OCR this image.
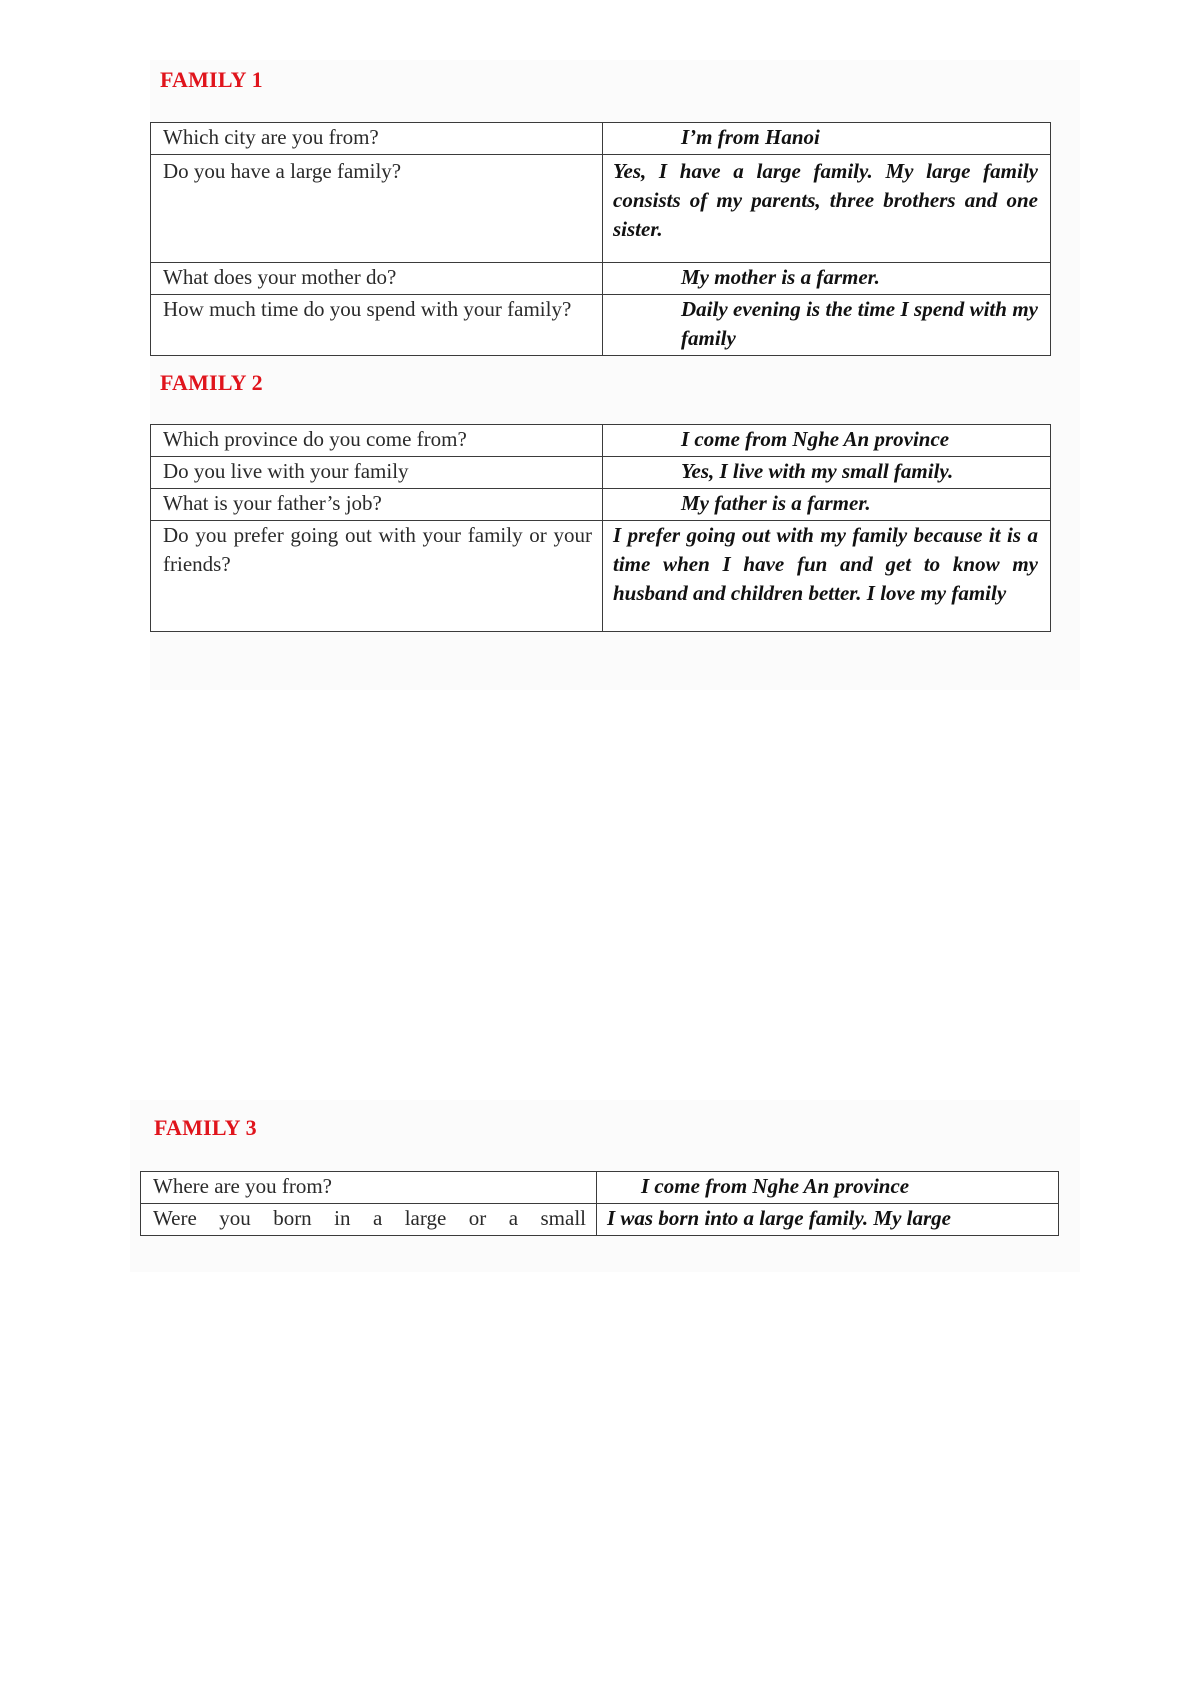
FAMILY 1
Which city are you from?	I’m from Hanoi
Do you have a large family?	Yes, I have a large family. My large family consists of my parents, three brothers and one sister.
What does your mother do?	My mother is a farmer.
How much time do you spend with your family?	Daily evening is the time I spend with my family
FAMILY 2
Which province do you come from?	I come from Nghe An province
Do you live with your family	Yes, I live with my small family.
What is your father’s job?	My father is a farmer.
Do you prefer going out with your family or your friends?	I prefer going out with my family because it is a time when I have fun and get to know my husband and children better. I love my family
FAMILY 3
Where are you from?	I come from Nghe An province
Were you born in a large or a small	I was born into a large family. My large
